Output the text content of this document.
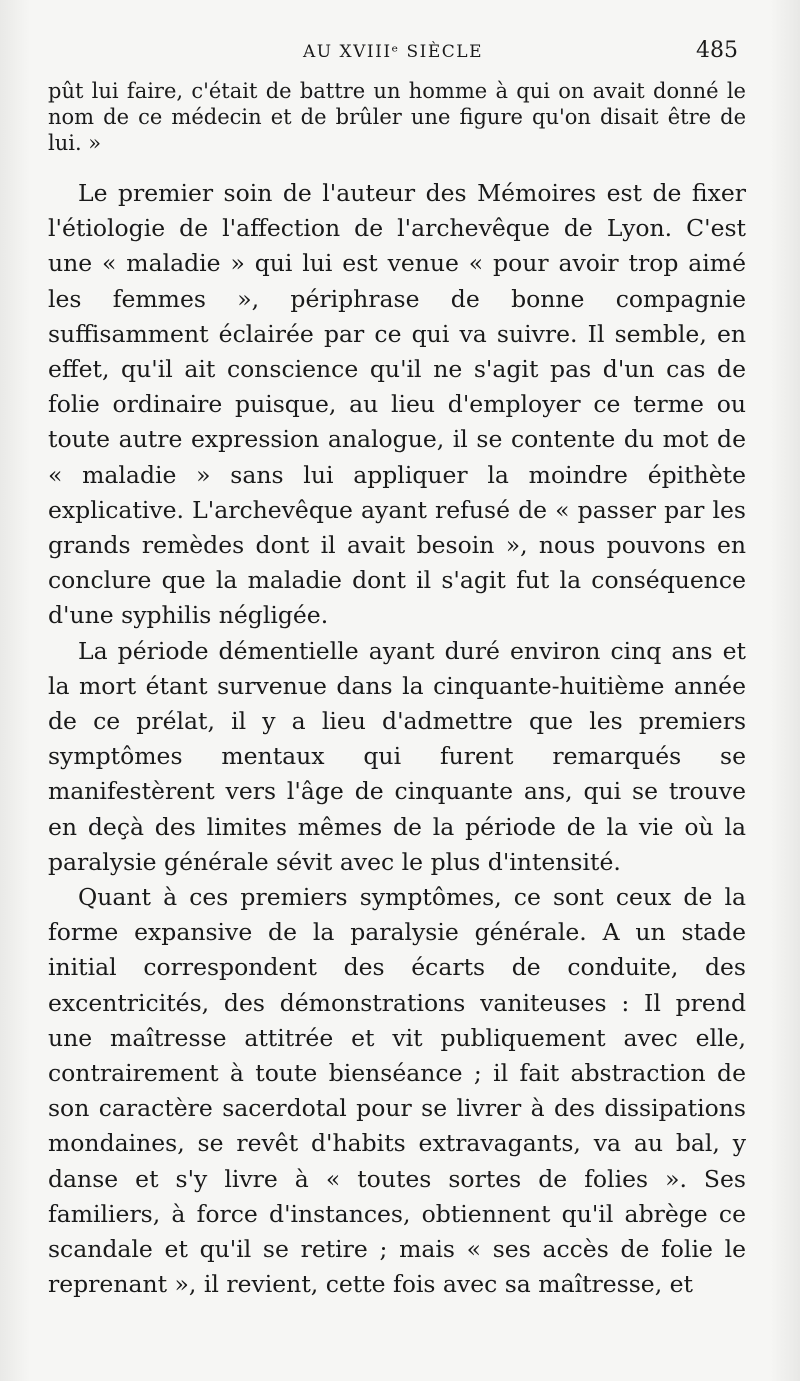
AU XVIIIᵉ SIÈCLE	485

pût lui faire, c'était de battre un homme à qui on avait donné le nom de ce médecin et de brûler une figure qu'on disait être de lui. »

Le premier soin de l'auteur des Mémoires est de fixer l'étiologie de l'affection de l'archevêque de Lyon. C'est une « maladie » qui lui est venue « pour avoir trop aimé les femmes », périphrase de bonne compagnie suffisamment éclairée par ce qui va suivre. Il semble, en effet, qu'il ait conscience qu'il ne s'agit pas d'un cas de folie ordinaire puisque, au lieu d'employer ce terme ou toute autre expression analogue, il se contente du mot de « maladie » sans lui appliquer la moindre épithète explicative. L'archevêque ayant refusé de « passer par les grands remèdes dont il avait besoin », nous pouvons en conclure que la maladie dont il s'agit fut la conséquence d'une syphilis négligée.

La période démentielle ayant duré environ cinq ans et la mort étant survenue dans la cinquante-huitième année de ce prélat, il y a lieu d'admettre que les premiers symptômes mentaux qui furent remarqués se manifestèrent vers l'âge de cinquante ans, qui se trouve en deçà des limites mêmes de la période de la vie où la paralysie générale sévit avec le plus d'intensité.

Quant à ces premiers symptômes, ce sont ceux de la forme expansive de la paralysie générale. A un stade initial correspondent des écarts de conduite, des excentricités, des démonstrations vaniteuses : Il prend une maîtresse attitrée et vit publiquement avec elle, contrairement à toute bienséance ; il fait abstraction de son caractère sacerdotal pour se livrer à des dissipations mondaines, se revêt d'habits extravagants, va au bal, y danse et s'y livre à « toutes sortes de folies ». Ses familiers, à force d'instances, obtiennent qu'il abrège ce scandale et qu'il se retire ; mais « ses accès de folie le reprenant », il revient, cette fois avec sa maîtresse, et
